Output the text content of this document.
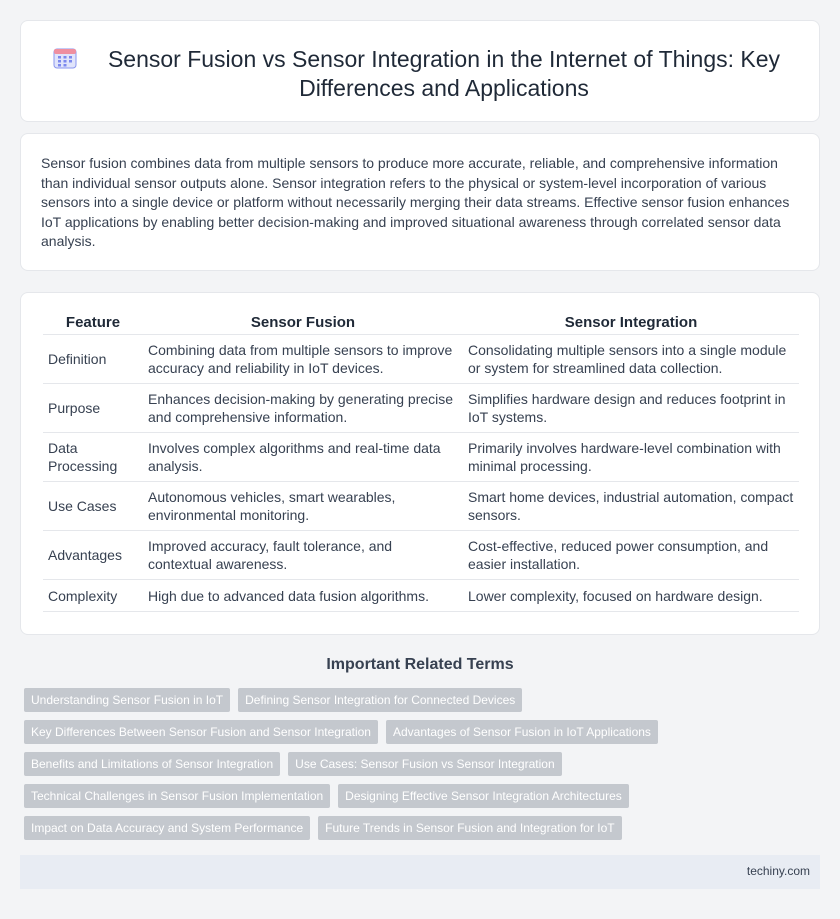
Sensor Fusion vs Sensor Integration in the Internet of Things: Key Differences and Applications

Sensor fusion combines data from multiple sensors to produce more accurate, reliable, and comprehensive information than individual sensor outputs alone. Sensor integration refers to the physical or system-level incorporation of various sensors into a single device or platform without necessarily merging their data streams. Effective sensor fusion enhances IoT applications by enabling better decision-making and improved situational awareness through correlated sensor data analysis.

Feature	Sensor Fusion	Sensor Integration
Definition	Combining data from multiple sensors to improve accuracy and reliability in IoT devices.	Consolidating multiple sensors into a single module or system for streamlined data collection.
Purpose	Enhances decision-making by generating precise and comprehensive information.	Simplifies hardware design and reduces footprint in IoT systems.
Data Processing	Involves complex algorithms and real-time data analysis.	Primarily involves hardware-level combination with minimal processing.
Use Cases	Autonomous vehicles, smart wearables, environmental monitoring.	Smart home devices, industrial automation, compact sensors.
Advantages	Improved accuracy, fault tolerance, and contextual awareness.	Cost-effective, reduced power consumption, and easier installation.
Complexity	High due to advanced data fusion algorithms.	Lower complexity, focused on hardware design.
Important Related Terms
Understanding Sensor Fusion in IoT	Defining Sensor Integration for Connected Devices
Key Differences Between Sensor Fusion and Sensor Integration	Advantages of Sensor Fusion in IoT Applications
Benefits and Limitations of Sensor Integration	Use Cases: Sensor Fusion vs Sensor Integration
Technical Challenges in Sensor Fusion Implementation	Designing Effective Sensor Integration Architectures
Impact on Data Accuracy and System Performance	Future Trends in Sensor Fusion and Integration for IoT
techiny.com
